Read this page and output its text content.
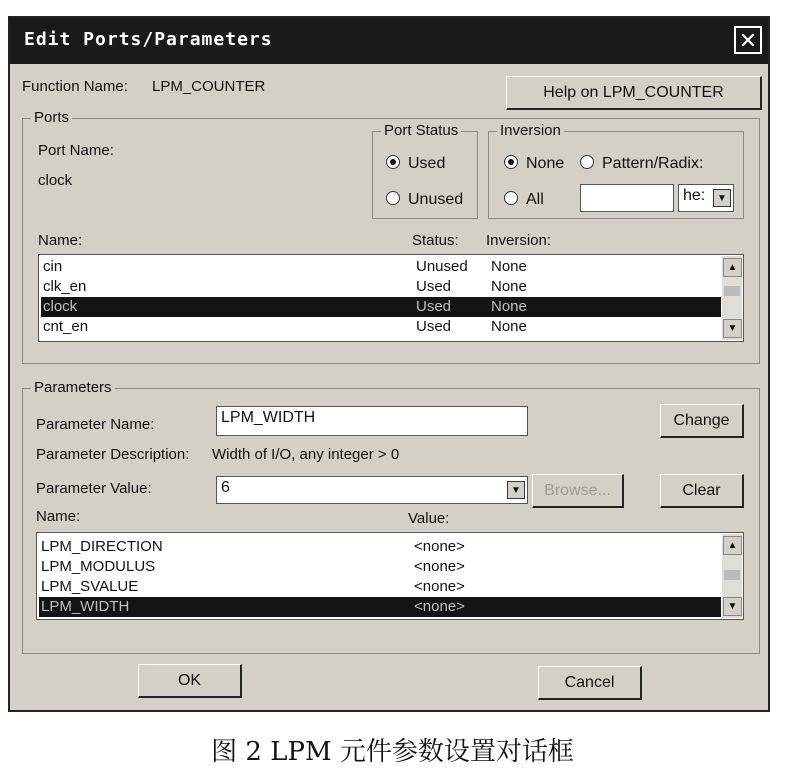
Edit Ports/Parameters	✕
Function Name: LPM_COUNTER	Help on LPM_COUNTER
Ports
Port Name:
clock
Port Status
Used
Unused
Inversion
None	Pattern/Radix:
All	he:	▼
Name:	Status: Inversion:
cin	Unused None
clk_en	Used	None
clock	Used	None
cnt_en	Used	None
▲
▼
Parameters
Parameter Name:	LPM_WIDTH	Change
Parameter Description: Width of I/O, any integer > 0
Parameter Value:	6	▼	Browse...	Clear
Name:	Value:
LPM_DIRECTION	<none>
LPM_MODULUS	<none>
LPM_SVALUE	<none>
LPM_WIDTH	<none>
▲
▼
OK	Cancel
图 2 LPM 元件参数设置对话框
